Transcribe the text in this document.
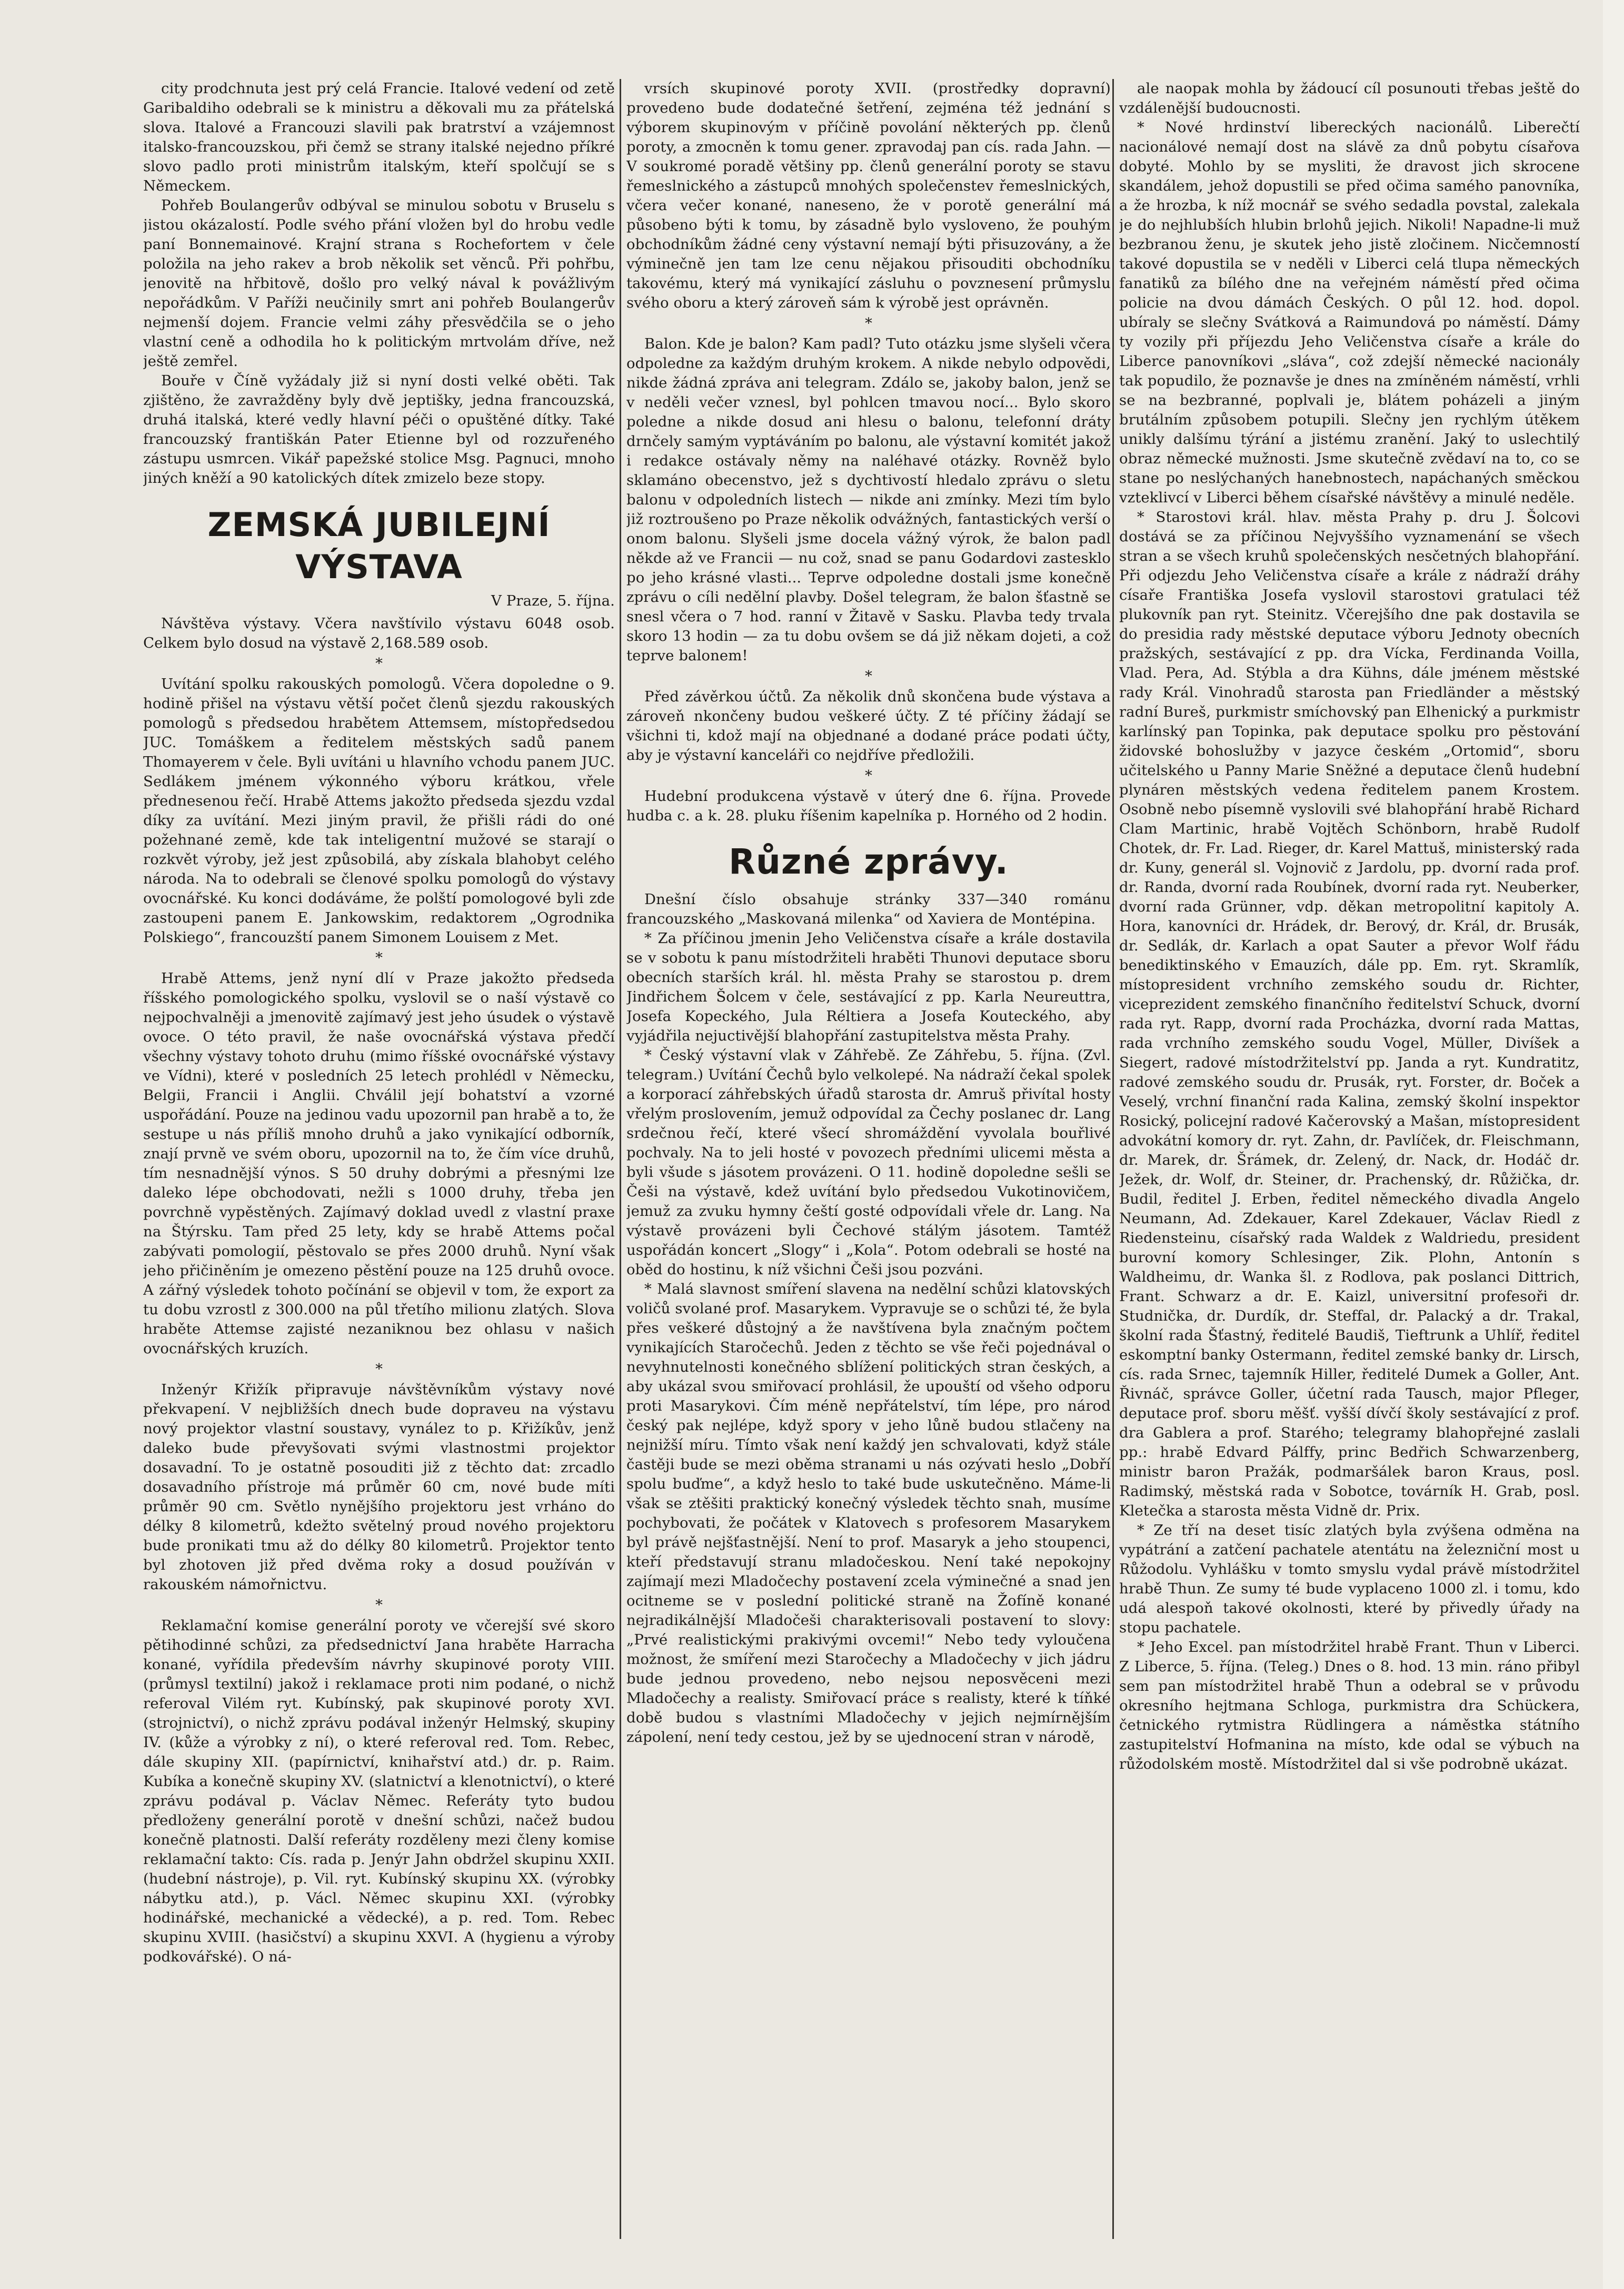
city prodchnuta jest prý celá Francie. Italové vedení od zetě Garibaldiho odebrali se k ministru a děkovali mu za přátelská slova. Italové a Francouzi slavili pak bratrství a vzájemnost italsko-francouzskou, při čemž se strany italské nejedno příkré slovo padlo proti ministrům italským, kteří spolčují se s Německem.

Pohřeb Boulangerův odbýval se minulou sobotu v Bruselu s jistou okázalostí. Podle svého přání vložen byl do hrobu vedle paní Bonnemainové. Krajní strana s Rochefortem v čele položila na jeho rakev a brob několik set věnců. Při pohřbu, jenovitě na hřbitově, došlo pro velký nával k povážlivým nepořádkům. V Paříži neučinily smrt ani pohřeb Boulangerův nejmenší dojem. Francie velmi záhy přesvědčila se o jeho vlastní ceně a odhodila ho k politickým mrtvolám dříve, než ještě zemřel.

Bouře v Číně vyžádaly již si nyní dosti velké oběti. Tak zjištěno, že zavražděny byly dvě jeptišky, jedna francouzská, druhá italská, které vedly hlavní péči o opuštěné dítky. Také francouzský františkán Pater Etienne byl od rozzuřeného zástupu usmrcen. Vikář papežské stolice Msg. Pagnuci, mnoho jiných kněží a 90 katolických dítek zmizelo beze stopy.

ZEMSKÁ JUBILEJNÍ VÝSTAVA
V Praze, 5. října.

Návštěva výstavy. Včera navštívilo výstavu 6048 osob. Celkem bylo dosud na výstavě 2,168.589 osob.

*

Uvítání spolku rakouských pomologů. Včera dopoledne o 9. hodině přišel na výstavu větší počet členů sjezdu rakouských pomologů s předsedou hrabětem Attemsem, místopředsedou JUC. Tomáškem a ředitelem městských sadů panem Thomayerem v čele. Byli uvítáni u hlavního vchodu panem JUC. Sedlákem jménem výkonného výboru krátkou, vřele přednesenou řečí. Hrabě Attems jakožto předseda sjezdu vzdal díky za uvítání. Mezi jiným pravil, že přišli rádi do oné požehnané země, kde tak inteligentní mužové se starají o rozkvět výroby, jež jest způsobilá, aby získala blahobyt celého národa. Na to odebrali se členové spolku pomologů do výstavy ovocnářské. Ku konci dodáváme, že polští pomologové byli zde zastoupeni panem E. Jankowskim, redaktorem „Ogrodnika Polskiego“, francouzští panem Simonem Louisem z Met.

*

Hrabě Attems, jenž nyní dlí v Praze jakožto předseda říšského pomologického spolku, vyslovil se o naší výstavě co nejpochvalněji a jmenovitě zajímavý jest jeho úsudek o výstavě ovoce. O této pravil, že naše ovocnářská výstava předčí všechny výstavy tohoto druhu (mimo říšské ovocnářské výstavy ve Vídni), které v posledních 25 letech prohlédl v Německu, Belgii, Francii i Anglii. Chválil její bohatství a vzorné uspořádání. Pouze na jedinou vadu upozornil pan hrabě a to, že sestupe u nás příliš mnoho druhů a jako vynikající odborník, znají prvně ve svém oboru, upozornil na to, že čím více druhů, tím nesnadnější výnos. S 50 druhy dobrými a přesnými lze daleko lépe obchodovati, nežli s 1000 druhy, třeba jen povrchně vypěstěných. Zajímavý doklad uvedl z vlastní praxe na Štýrsku. Tam před 25 lety, kdy se hrabě Attems počal zabývati pomologií, pěstovalo se přes 2000 druhů. Nyní však jeho přičiněním je omezeno pěstění pouze na 125 druhů ovoce. A zářný výsledek tohoto počínání se objevil v tom, že export za tu dobu vzrostl z 300.000 na půl třetího milionu zlatých. Slova hraběte Attemse zajisté nezaniknou bez ohlasu v našich ovocnářských kruzích.

*

Inženýr Křižík připravuje návštěvníkům výstavy nové překvapení. V nejbližších dnech bude dopraveu na výstavu nový projektor vlastní soustavy, vynález to p. Křižíkův, jenž daleko bude převyšovati svými vlastnostmi projektor dosavadní. To je ostatně posouditi již z těchto dat: zrcadlo dosavadního přístroje má průměr 60 cm, nové bude míti průměr 90 cm. Světlo nynějšího projektoru jest vrháno do délky 8 kilometrů, kdežto světelný proud nového projektoru bude pronikati tmu až do délky 80 kilometrů. Projektor tento byl zhotoven již před dvěma roky a dosud používán v rakouském námořnictvu.

*

Reklamační komise generální poroty ve včerejší své skoro pětihodinné schůzi, za předsednictví Jana hraběte Harracha konané, vyřídila především návrhy skupinové poroty VIII. (průmysl textilní) jakož i reklamace proti nim podané, o nichž referoval Vilém ryt. Kubínský, pak skupinové poroty XVI. (strojnictví), o nichž zprávu podával inženýr Helmský, skupiny IV. (kůže a výrobky z ní), o které referoval red. Tom. Rebec, dále skupiny XII. (papírnictví, knihařství atd.) dr. p. Raim. Kubíka a konečně skupiny XV. (slatnictví a klenotnictví), o které zprávu podával p. Václav Němec. Referáty tyto budou předloženy generální porotě v dnešní schůzi, načež budou konečně platnosti. Další referáty rozděleny mezi členy komise reklamační takto: Cís. rada p. Jenýr Jahn obdržel skupinu XXII. (hudební nástroje), p. Vil. ryt. Kubínský skupinu XX. (výrobky nábytku atd.), p. Václ. Němec skupinu XXI. (výrobky hodinářské, mechanické a vědecké), a p. red. Tom. Rebec skupinu XVIII. (hasičství) a skupinu XXVI. A (hygienu a výroby podkovářské). O ná-

vrsích skupinové poroty XVII. (prostředky dopravní) provedeno bude dodatečné šetření, zejména též jednání s výborem skupinovým v příčině povolání některých pp. členů poroty, a zmocněn k tomu gener. zpravodaj pan cís. rada Jahn. — V soukromé poradě většiny pp. členů generální poroty se stavu řemeslnického a zástupců mnohých společenstev řemeslnických, včera večer konané, naneseno, že v porotě generální má působeno býti k tomu, by zásadně bylo vysloveno, že pouhým obchodníkům žádné ceny výstavní nemají býti přisuzovány, a že výminečně jen tam lze cenu nějakou přisouditi obchodníku takovému, který má vynikající zásluhu o povznesení průmyslu svého oboru a který zároveň sám k výrobě jest oprávněn.

*

Balon. Kde je balon? Kam padl? Tuto otázku jsme slyšeli včera odpoledne za každým druhým krokem. A nikde nebylo odpovědi, nikde žádná zpráva ani telegram. Zdálo se, jakoby balon, jenž se v neděli večer vznesl, byl pohlcen tmavou nocí... Bylo skoro poledne a nikde dosud ani hlesu o balonu, telefonní dráty drnčely samým vyptáváním po balonu, ale výstavní komitét jakož i redakce ostávaly němy na naléhavé otázky. Rovněž bylo sklamáno obecenstvo, jež s dychtivostí hledalo zprávu o sletu balonu v odpoledních listech — nikde ani zmínky. Mezi tím bylo již roztroušeno po Praze několik odvážných, fantastických verší o onom balonu. Slyšeli jsme docela vážný výrok, že balon padl někde až ve Francii — nu což, snad se panu Godardovi zastesklo po jeho krásné vlasti... Teprve odpoledne dostali jsme konečně zprávu o cíli nedělní plavby. Došel telegram, že balon šťastně se snesl včera o 7 hod. ranní v Žitavě v Sasku. Plavba tedy trvala skoro 13 hodin — za tu dobu ovšem se dá již někam dojeti, a což teprve balonem!

*

Před závěrkou účtů. Za několik dnů skončena bude výstava a zároveň nkončeny budou veškeré účty. Z té příčiny žádají se všichni ti, kdož mají na objednané a dodané práce podati účty, aby je výstavní kanceláři co nejdříve předložili.

*

Hudební produkcena výstavě v úterý dne 6. října. Provede hudba c. a k. 28. pluku říšenim kapelníka p. Horného od 2 hodin.

Různé zprávy.

Dnešní číslo obsahuje stránky 337—340 románu francouzského „Maskovaná milenka“ od Xaviera de Montépina.

* Za příčinou jmenin Jeho Veličenstva císaře a krále dostavila se v sobotu k panu místodržiteli hraběti Thunovi deputace sboru obecních starších král. hl. města Prahy se starostou p. drem Jindřichem Šolcem v čele, sestávající z pp. Karla Neureuttra, Josefa Kopeckého, Jula Réltiera a Josefa Kouteckého, aby vyjádřila nejuctivější blahopřání zastupitelstva města Prahy.

* Český výstavní vlak v Záhřebě. Ze Záhřebu, 5. října. (Zvl. telegram.) Uvítání Čechů bylo velkolepé. Na nádraží čekal spolek a korporací záhřebských úřadů starosta dr. Amruš přivítal hosty vřelým proslovením, jemuž odpovídal za Čechy poslanec dr. Lang srdečnou řečí, které všecí shromáždění vyvolala bouřlivé pochvaly. Na to jeli hosté v povozech předními ulicemi města a byli všude s jásotem provázeni. O 11. hodině dopoledne sešli se Češi na výstavě, kdež uvítání bylo předsedou Vukotinovičem, jemuž za zvuku hymny čeští gosté odpovídali vřele dr. Lang. Na výstavě provázeni byli Čechové stálým jásotem. Tamtéž uspořádán koncert „Slogy“ i „Kola“. Potom odebrali se hosté na oběd do hostinu, k níž všichni Češi jsou pozváni.

* Malá slavnost smíření slavena na nedělní schůzi klatovských voličů svolané prof. Masarykem. Vypravuje se o schůzi té, že byla přes veškeré důstojný a že navštívena byla značným počtem vynikajících Staročechů. Jeden z těchto se vše řeči pojednával o nevyhnutelnosti konečného sblížení politických stran českých, a aby ukázal svou smiřovací prohlásil, že upouští od všeho odporu proti Masarykovi. Čím méně nepřátelství, tím lépe, pro národ český pak nejlépe, když spory v jeho lůně budou stlačeny na nejnižší míru. Tímto však není každý jen schvalovati, když stále častěji bude se mezi oběma stranami u nás ozývati heslo „Dobří spolu buďme“, a když heslo to také bude uskutečněno. Máme-li však se ztěšiti praktický konečný výsledek těchto snah, musíme pochybovati, že počátek v Klatovech s profesorem Masarykem byl právě nejšťastnější. Není to prof. Masaryk a jeho stoupenci, kteří představují stranu mladočeskou. Není také nepokojny zajímají mezi Mladočechy postavení zcela výminečné a snad jen ocitneme se v poslední politické straně na Žofíně konané nejradikálnější Mladočeši charakterisovali postavení to slovy: „Prvé realistickými prakivými ovcemi!“ Nebo tedy vyloučena možnost, že smíření mezi Staročechy a Mladočechy v jich jádru bude jednou provedeno, nebo nejsou neposvěceni mezi Mladočechy a realisty. Smiřovací práce s realisty, které k tíňké době budou s vlastními Mladočechy v jejich nejmírnějším zápolení, není tedy cestou, jež by se ujednocení stran v národě,

ale naopak mohla by žádoucí cíl posunouti třebas ještě do vzdálenější budoucnosti.

* Nové hrdinství libereckých nacionálů. Liberečtí nacionálové nemají dost na slávě za dnů pobytu císařova dobyté. Mohlo by se mysliti, že dravost jich skrocene skandálem, jehož dopustili se před očima samého panovníka, a že hrozba, k níž mocnář se svého sedadla povstal, zalekala je do nejhlubších hlubin brlohů jejich. Nikoli! Napadne-li muž bezbranou ženu, je skutek jeho jistě zločinem. Nicčemností takové dopustila se v neděli v Liberci celá tlupa německých fanatiků za bílého dne na veřejném náměstí před očima policie na dvou dámách Českých. O půl 12. hod. dopol. ubíraly se slečny Svátková a Raimundová po náměstí. Dámy ty vozily při příjezdu Jeho Veličenstva císaře a krále do Liberce panovníkovi „sláva“, což zdejší německé nacionály tak popudilo, že poznavše je dnes na zmíněném náměstí, vrhli se na bezbranné, poplvali je, blátem poházeli a jiným brutálním způsobem potupili. Slečny jen rychlým útěkem unikly dalšímu týrání a jistému zranění. Jaký to uslechtilý obraz německé mužnosti. Jsme skutečně zvědaví na to, co se stane po neslýchaných hanebnostech, napáchaných směckou vzteklivcí v Liberci během císařské návštěvy a minulé neděle.

* Starostovi král. hlav. města Prahy p. dru J. Šolcovi dostává se za příčinou Nejvyššího vyznamenání se všech stran a se všech kruhů společenských nesčetných blahopřání. Při odjezdu Jeho Veličenstva císaře a krále z nádraží dráhy císaře Františka Josefa vyslovil starostovi gratulaci též plukovník pan ryt. Steinitz. Včerejšího dne pak dostavila se do presidia rady městské deputace výboru Jednoty obecních pražských, sestávající z pp. dra Vícka, Ferdinanda Voilla, Vlad. Pera, Ad. Stýbla a dra Kühns, dále jménem městské rady Král. Vinohradů starosta pan Friedländer a městský radní Bureš, purkmistr smíchovský pan Elhenický a purkmistr karlínský pan Topinka, pak deputace spolku pro pěstování židovské bohoslužby v jazyce českém „Ortomid“, sboru učitelského u Panny Marie Sněžné a deputace členů hudební plynáren městských vedena ředitelem panem Krostem. Osobně nebo písemně vyslovili své blahopřání hrabě Richard Clam Martinic, hrabě Vojtěch Schönborn, hrabě Rudolf Chotek, dr. Fr. Lad. Rieger, dr. Karel Mattuš, ministerský rada dr. Kuny, generál sl. Vojnovič z Jardolu, pp. dvorní rada prof. dr. Randa, dvorní rada Roubínek, dvorní rada ryt. Neuberker, dvorní rada Grünner, vdp. děkan metropolitní kapitoly A. Hora, kanovníci dr. Hrádek, dr. Berový, dr. Král, dr. Brusák, dr. Sedlák, dr. Karlach a opat Sauter a převor Wolf řádu benediktinského v Emauzích, dále pp. Em. ryt. Skramlík, místopresident vrchního zemského soudu dr. Richter, viceprezident zemského finančního ředitelství Schuck, dvorní rada ryt. Rapp, dvorní rada Procházka, dvorní rada Mattas, rada vrchního zemského soudu Vogel, Müller, Divíšek a Siegert, radové místodržitelství pp. Janda a ryt. Kundratitz, radové zemského soudu dr. Prusák, ryt. Forster, dr. Boček a Veselý, vrchní finanční rada Kalina, zemský školní inspektor Rosický, policejní radové Kačerovský a Mašan, místopresident advokátní komory dr. ryt. Zahn, dr. Pavlíček, dr. Fleischmann, dr. Marek, dr. Šrámek, dr. Zelený, dr. Nack, dr. Hodáč dr. Ježek, dr. Wolf, dr. Steiner, dr. Prachenský, dr. Růžička, dr. Budil, ředitel J. Erben, ředitel německého divadla Angelo Neumann, Ad. Zdekauer, Karel Zdekauer, Václav Riedl z Riedensteinu, císařský rada Waldek z Waldriedu, president burovní komory Schlesinger, Zik. Plohn, Antonín s Waldheimu, dr. Wanka šl. z Rodlova, pak poslanci Dittrich, Frant. Schwarz a dr. E. Kaizl, universitní profesoři dr. Studnička, dr. Durdík, dr. Steffal, dr. Palacký a dr. Trakal, školní rada Šťastný, ředitelé Baudiš, Tieftrunk a Uhlíř, ředitel eskomptní banky Ostermann, ředitel zemské banky dr. Lirsch, cís. rada Srnec, tajemník Hiller, ředitelé Dumek a Goller, Ant. Řivnáč, správce Goller, účetní rada Tausch, major Pfleger, deputace prof. sboru měšť. vyšší dívčí školy sestávající z prof. dra Gablera a prof. Starého; telegramy blahopřejné zaslali pp.: hrabě Edvard Pálffy, princ Bedřich Schwarzenberg, ministr baron Pražák, podmaršálek baron Kraus, posl. Radimský, městská rada v Sobotce, továrník H. Grab, posl. Kletečka a starosta města Vidně dr. Prix.

* Ze tří na deset tisíc zlatých byla zvýšena odměna na vypátrání a zatčení pachatele atentátu na železniční most u Růžodolu. Vyhlášku v tomto smyslu vydal právě místodržitel hrabě Thun. Ze sumy té bude vyplaceno 1000 zl. i tomu, kdo udá alespoň takové okolnosti, které by přivedly úřady na stopu pachatele.

* Jeho Excel. pan místodržitel hrabě Frant. Thun v Liberci. Z Liberce, 5. října. (Teleg.) Dnes o 8. hod. 13 min. ráno přibyl sem pan místodržitel hrabě Thun a odebral se v průvodu okresního hejtmana Schloga, purkmistra dra Schückera, četnického rytmistra Rüdlingera a náměstka státního zastupitelství Hofmanina na místo, kde odal se výbuch na růžodolském mostě. Místodržitel dal si vše podrobně ukázat.
